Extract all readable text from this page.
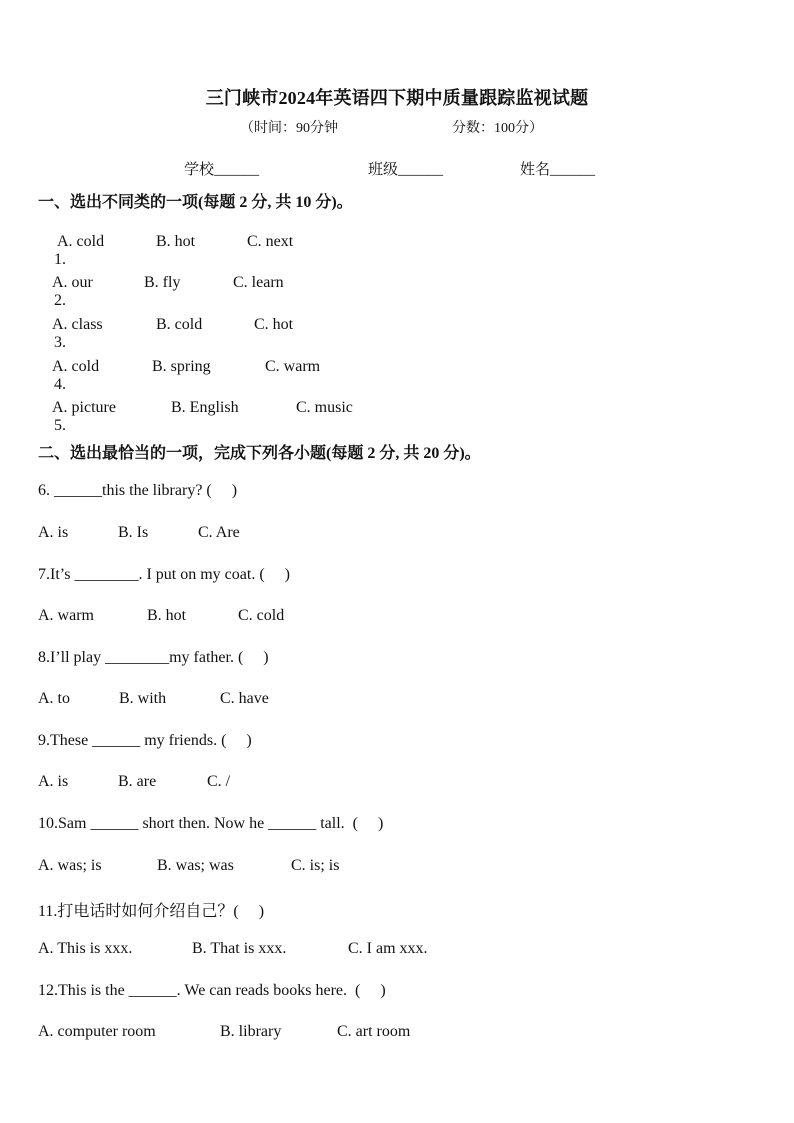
三门峡市2024年英语四下期中质量跟踪监视试题
（时间：90分钟	分数：100分）
学校______	班级______	姓名______
一、选出不同类的一项(每题 2 分, 共 10 分)。

1.

A. cold	B. hot	C. next

2.

A. our	B. fly	C. learn

3.

A. class	B. cold	C. hot

4.

A. cold	B. spring	C. warm

5.

A. picture	B. English	C. music
二、选出最恰当的一项，完成下列各小题(每题 2 分, 共 20 分)。
6. ______this the library? (     )
A. is	B. Is	C. Are
7.It’s ________. I put on my coat. (     )
A. warm	B. hot	C. cold
8.I’ll play ________my father. (     )
A. to	B. with	C. have
9.These ______ my friends. (     )
A. is	B. are	C. /
10.Sam ______ short then. Now he ______ tall.  (     )
A. was; is	B. was; was	C. is; is
11.打电话时如何介绍自己？(     )
A. This is xxx.	B. That is xxx.	C. I am xxx.
12.This is the ______. We can reads books here.  (     )
A. computer room	B. library	C. art room
